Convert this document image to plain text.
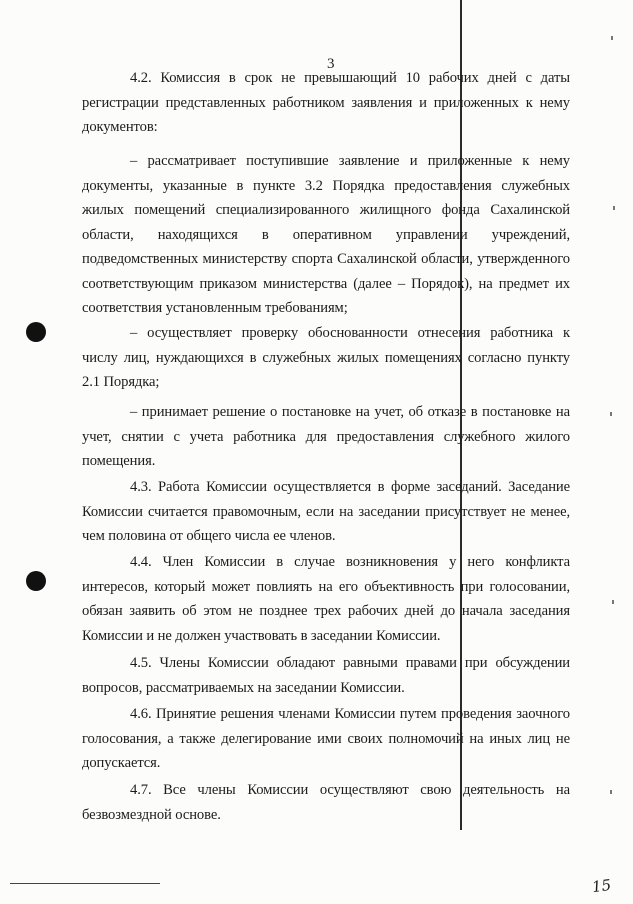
3

4.2. Комиссия в срок не превышающий 10 рабочих дней с даты регистрации представленных работником заявления и приложенных к нему документов:

– рассматривает поступившие заявление и приложенные к нему документы, указанные в пункте 3.2 Порядка предоставления служебных жилых помещений специализированного жилищного фонда Сахалинской области, находящихся в оперативном управлении учреждений, подведомственных министерству спорта Сахалинской области, утвержденного соответствующим приказом министерства (далее – Порядок), на предмет их соответствия установленным требованиям;

– осуществляет проверку обоснованности отнесения работника к числу лиц, нуждающихся в служебных жилых помещениях согласно пункту 2.1 Порядка;

– принимает решение о постановке на учет, об отказе в постановке на учет, снятии с учета работника для предоставления служебного жилого помещения.

4.3. Работа Комиссии осуществляется в форме заседаний. Заседание Комиссии считается правомочным, если на заседании присутствует не менее, чем половина от общего числа ее членов.

4.4. Член Комиссии в случае возникновения у него конфликта интересов, который может повлиять на его объективность при голосовании, обязан заявить об этом не позднее трех рабочих дней до начала заседания Комиссии и не должен участвовать в заседании Комиссии.

4.5. Члены Комиссии обладают равными правами при обсуждении вопросов, рассматриваемых на заседании Комиссии.

4.6. Принятие решения членами Комиссии путем проведения заочного голосования, а также делегирование ими своих полномочий на иных лиц не допускается.

4.7. Все члены Комиссии осуществляют свою деятельность на безвозмездной основе.

15
